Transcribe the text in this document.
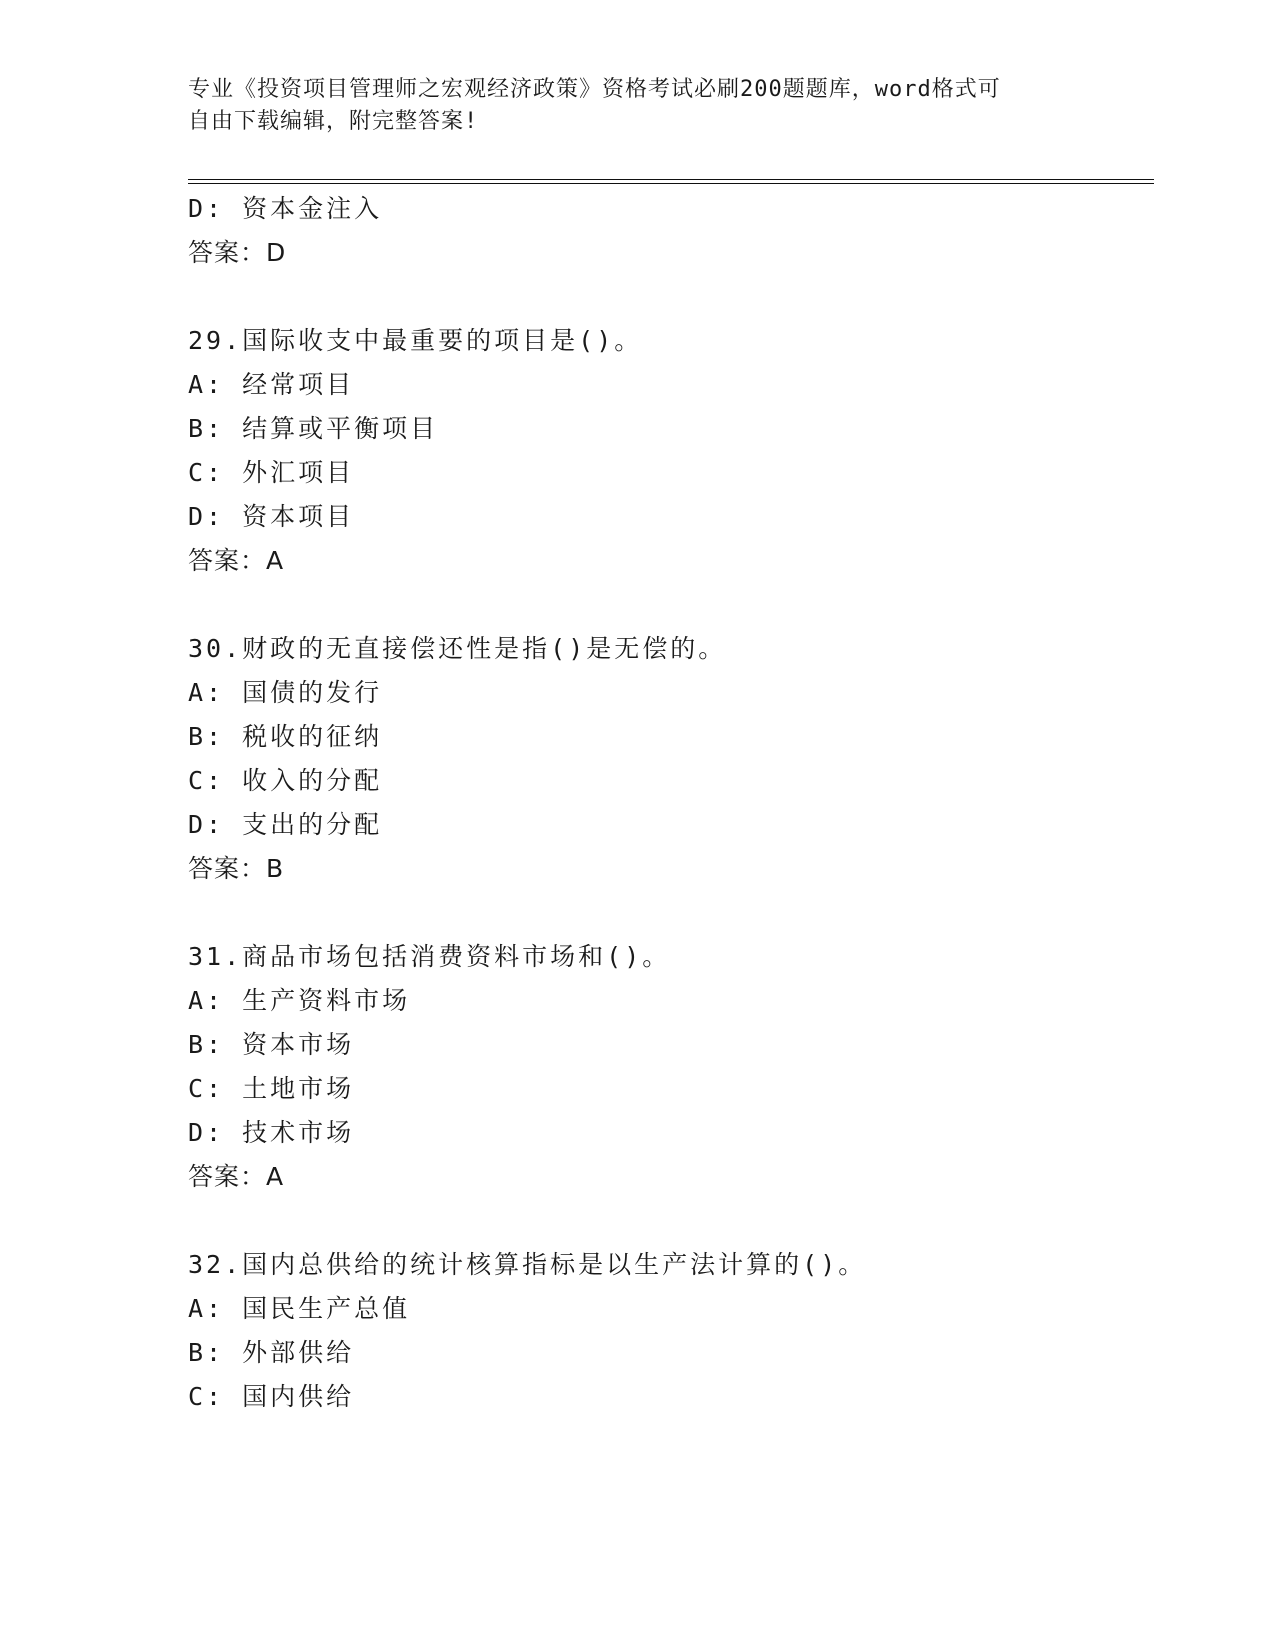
专业《投资项目管理师之宏观经济政策》资格考试必刷200题题库，word格式可
自由下载编辑，附完整答案!
D: 资本金注入
答案：D
29.国际收支中最重要的项目是()。
A: 经常项目
B: 结算或平衡项目
C: 外汇项目
D: 资本项目
答案：A
30.财政的无直接偿还性是指()是无偿的。
A: 国债的发行
B: 税收的征纳
C: 收入的分配
D: 支出的分配
答案：B
31.商品市场包括消费资料市场和()。
A: 生产资料市场
B: 资本市场
C: 土地市场
D: 技术市场
答案：A
32.国内总供给的统计核算指标是以生产法计算的()。
A: 国民生产总值
B: 外部供给
C: 国内供给
